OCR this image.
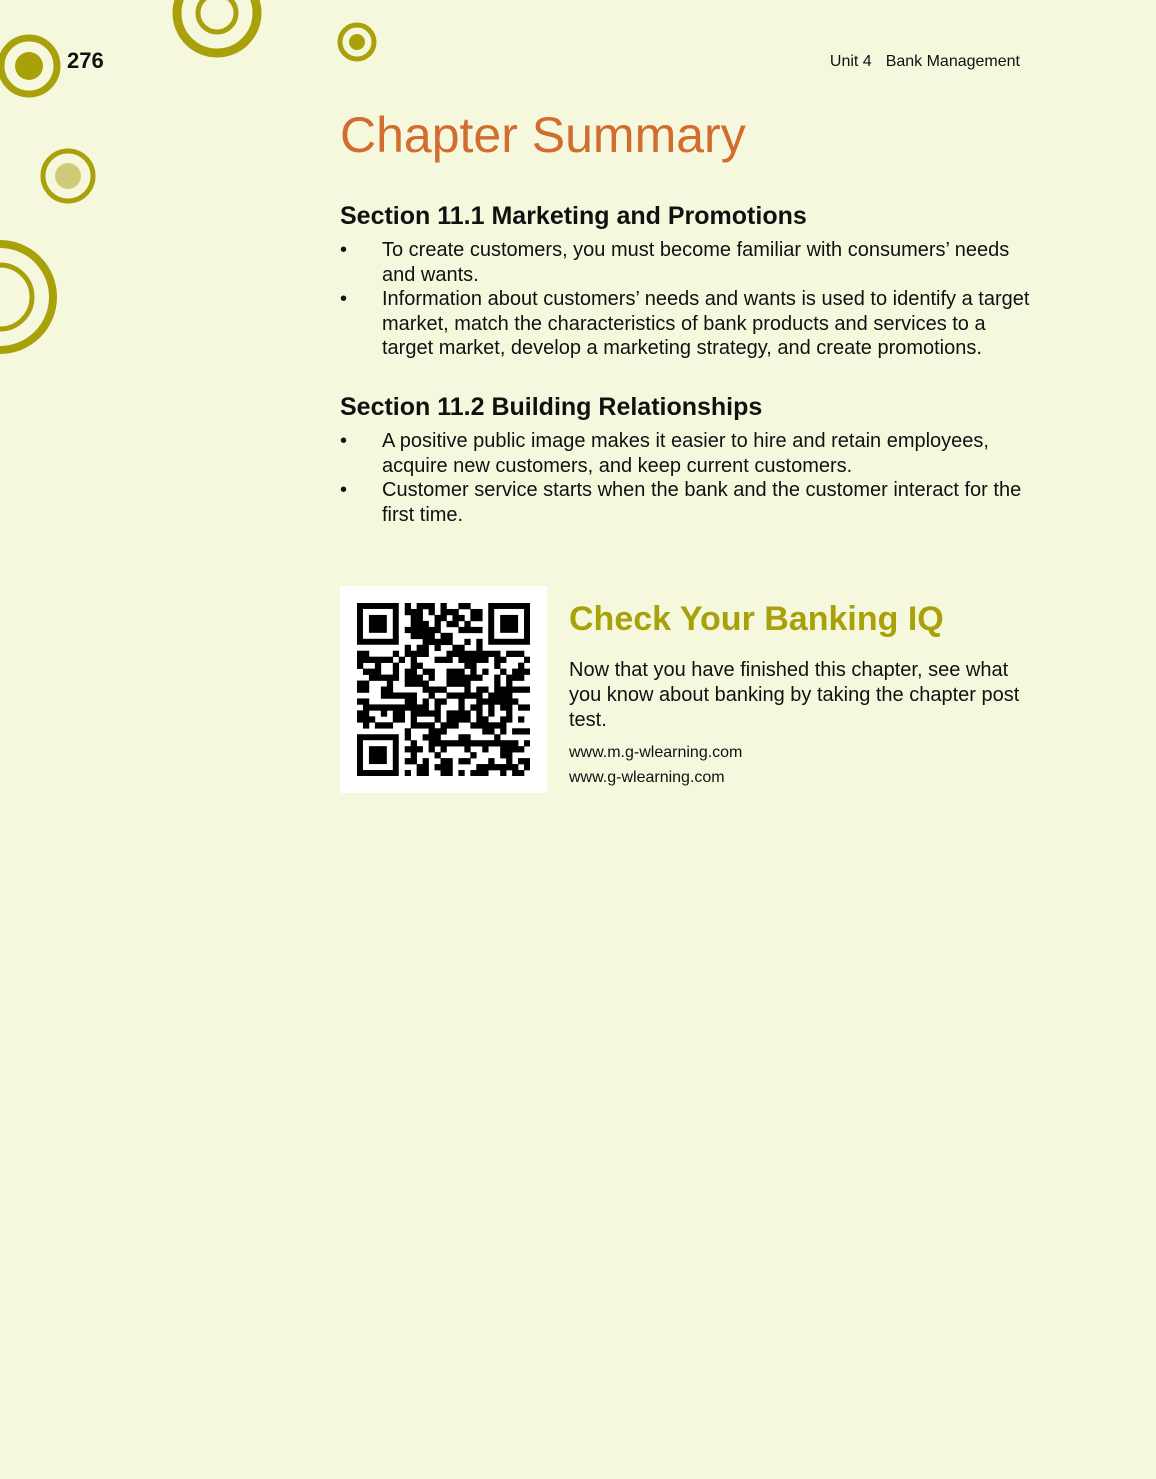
276	Unit 4 Bank Management
Chapter Summary
Section 11.1 Marketing and Promotions
•	To create customers, you must become familiar with consumers’ needs and wants.
•	Information about customers’ needs and wants is used to identify a target market, match the characteristics of bank products and services to a target market, develop a marketing strategy, and create promotions.
Section 11.2 Building Relationships
•	A positive public image makes it easier to hire and retain employees, acquire new customers, and keep current customers.
•	Customer service starts when the bank and the customer interact for the first time.
Check Your Banking IQ

Now that you have finished this chapter, see what you know about banking by taking the chapter post test.

www.m.g-wlearning.com

www.g-wlearning.com
